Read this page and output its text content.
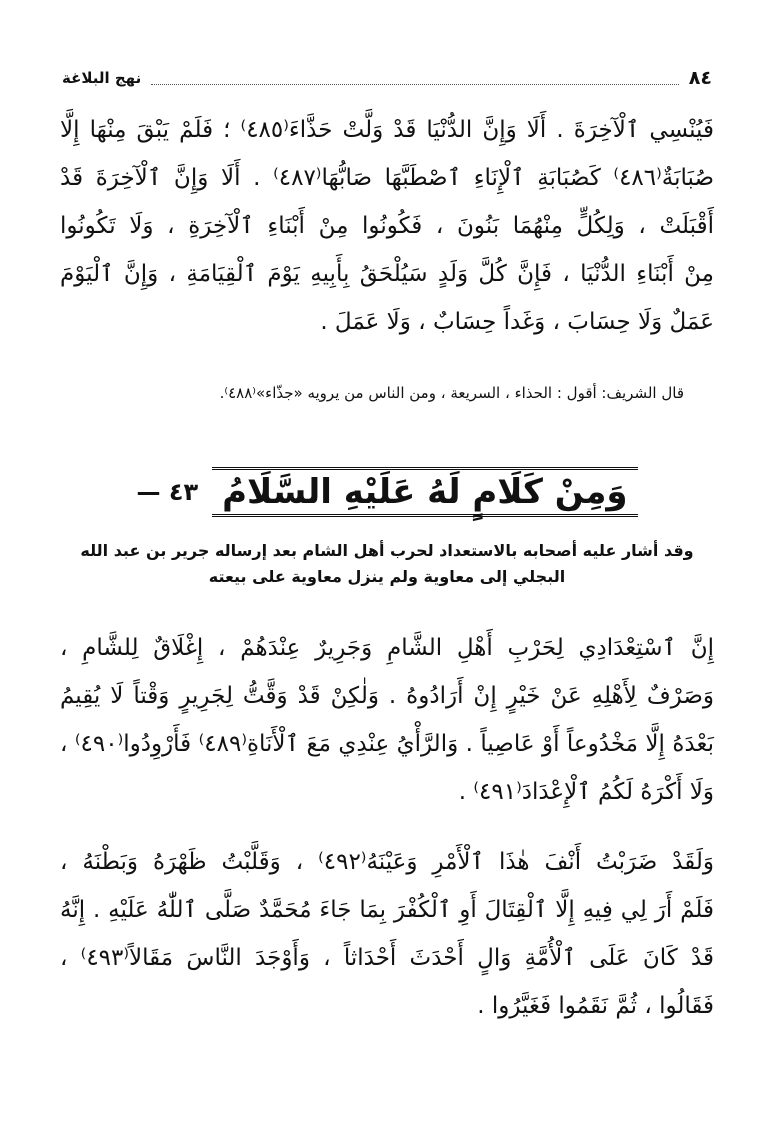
٨٤
نهج البلاغة
فَيُنْسِي ٱلْآخِرَةَ . أَلَا وَإِنَّ الدُّنْيَا قَدْ وَلَّتْ حَذَّاءَ⁽٤٨٥⁾ ؛ فَلَمْ يَبْقَ مِنْهَا إِلَّا
صُبَابَةٌ⁽٤٨٦⁾ كَصُبَابَةِ ٱلْإِنَاءِ ٱصْطَبَّهَا صَابُّهَا⁽٤٨٧⁾ . أَلَا وَإِنَّ ٱلْآخِرَةَ قَدْ
أَقْبَلَتْ ، وَلِكُلٍّ مِنْهُمَا بَنُونَ ، فَكُونُوا مِنْ أَبْنَاءِ ٱلْآخِرَةِ ، وَلَا تَكُونُوا
مِنْ أَبْنَاءِ الدُّنْيَا ، فَإِنَّ كُلَّ وَلَدٍ سَيُلْحَقُ بِأَبِيهِ يَوْمَ ٱلْقِيَامَةِ ، وَإِنَّ ٱلْيَوْمَ
عَمَلٌ وَلَا حِسَابَ ، وَغَداً حِسَابٌ ، وَلَا عَمَلَ .
قال الشريف: أقول : الحذاء ، السريعة ، ومن الناس من يرويه «جذّاء»⁽٤٨٨⁾.
وَمِنْ كَلَامٍ لَهُ عَلَيْهِ السَّلَامُ
٤٣ —
وقد أشار عليه أصحابه بالاستعداد لحرب أهل الشام بعد إرساله جرير بن عبد الله
البجلي إلى معاوية ولم ينزل معاوية على بيعته
إِنَّ ٱسْتِعْدَادِي لِحَرْبِ أَهْلِ الشَّامِ وَجَرِيرٌ عِنْدَهُمْ ، إِغْلَاقٌ لِلشَّامِ ،
وَصَرْفٌ لِأَهْلِهِ عَنْ خَيْرٍ إِنْ أَرَادُوهُ . وَلٰكِنْ قَدْ وَقَّتُّ لِجَرِيرٍ وَقْتاً لَا يُقِيمُ
بَعْدَهُ إِلَّا مَخْدُوعاً أَوْ عَاصِياً . وَالرَّأْيُ عِنْدِي مَعَ ٱلْأَنَاةِ⁽٤٨٩⁾ فَأَرْوِدُوا⁽٤٩٠⁾ ،
وَلَا أَكْرَهُ لَكُمُ ٱلْإِعْدَادَ⁽٤٩١⁾ .
وَلَقَدْ ضَرَبْتُ أَنْفَ هٰذَا ٱلْأَمْرِ وَعَيْنَهُ⁽٤٩٢⁾ ، وَقَلَّبْتُ ظَهْرَهُ وَبَطْنَهُ ،
فَلَمْ أَرَ لِي فِيهِ إِلَّا ٱلْقِتَالَ أَوِ ٱلْكُفْرَ بِمَا جَاءَ مُحَمَّدٌ صَلَّى ٱللّٰهُ عَلَيْهِ . إِنَّهُ
قَدْ كَانَ عَلَى ٱلْأُمَّةِ وَالٍ أَحْدَثَ أَحْدَاثاً ، وَأَوْجَدَ النَّاسَ مَقَالاً⁽٤٩٣⁾ ،
فَقَالُوا ، ثُمَّ نَقَمُوا فَغَيَّرُوا .
